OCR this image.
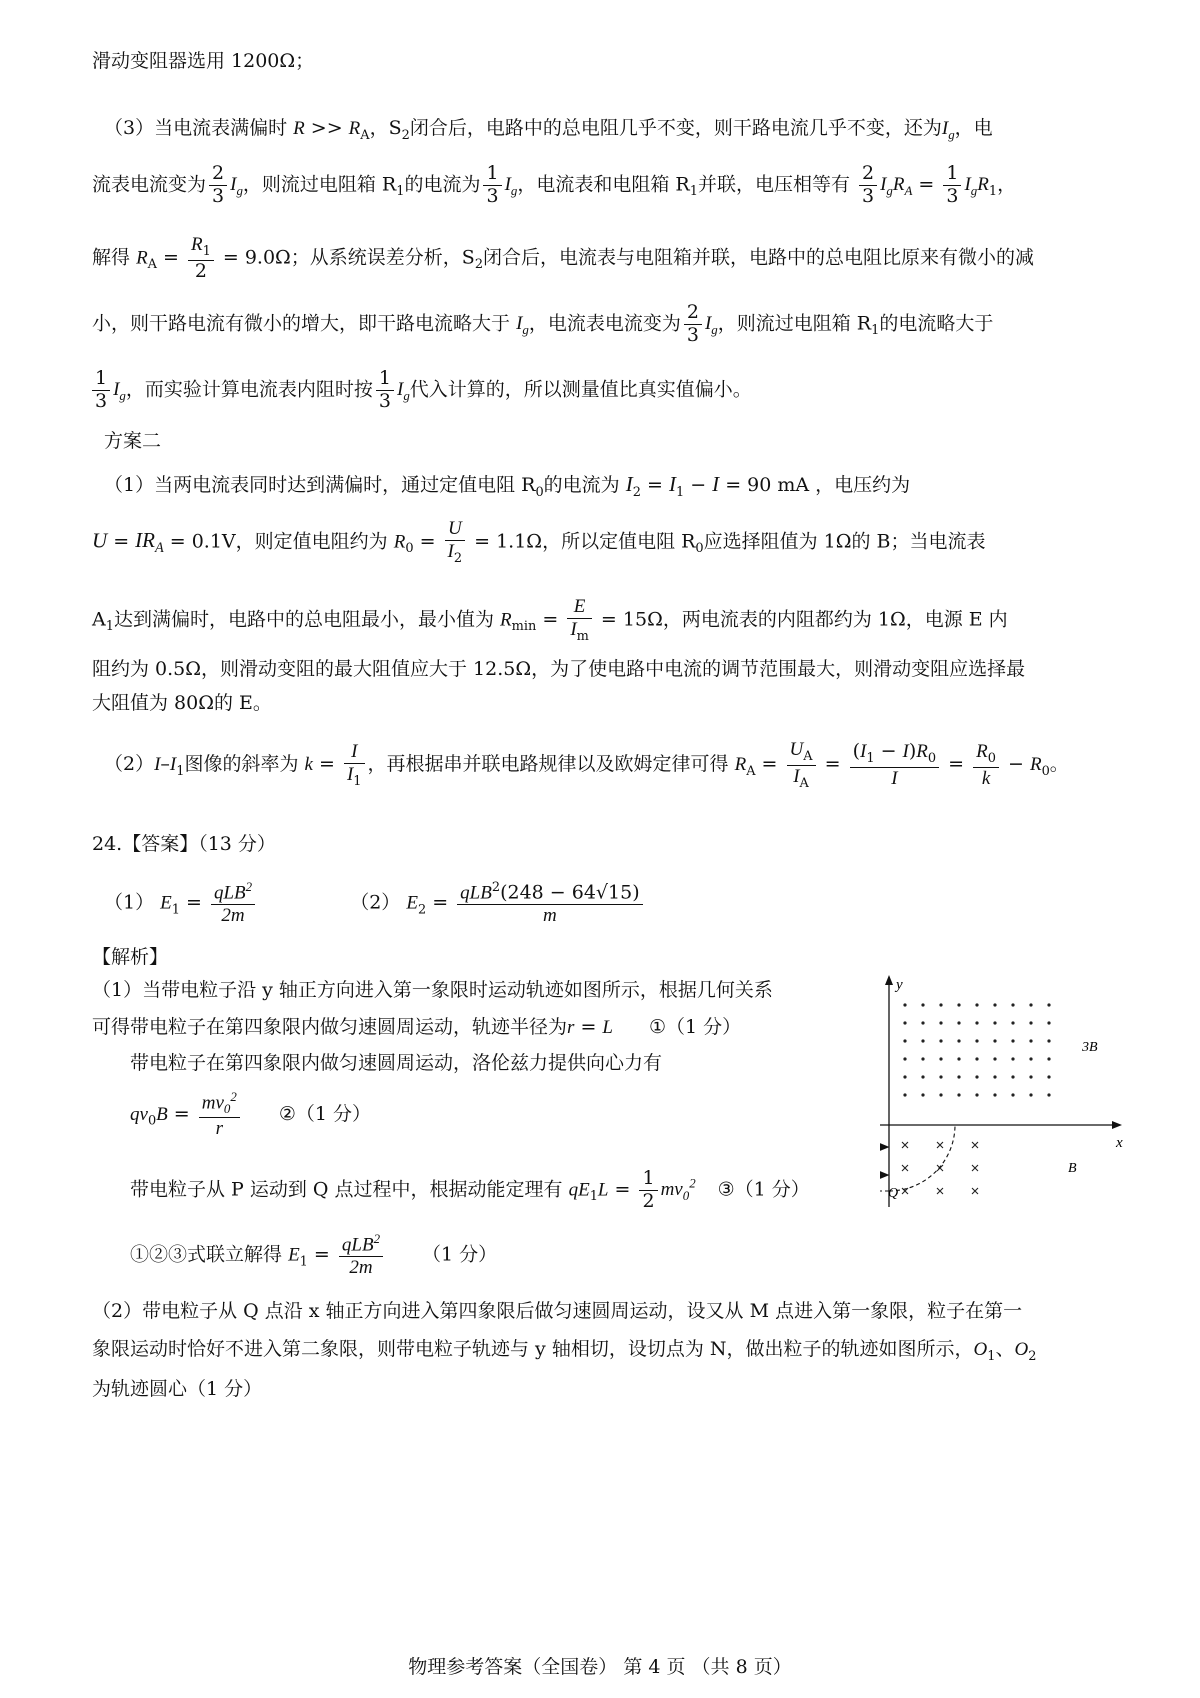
滑动变阻器选用 1200Ω；
（3）当电流表满偏时 $R >> R_A$，$S_2$闭合后，电路中的总电阻几乎不变，则干路电流几乎不变，还为$I_g$，电
流表电流变为 $\frac{2}{3} I_g$，则流过电阻箱 $R_1$的电流为 $\frac{1}{3} I_g$，电流表和电阻箱 $R_1$并联，电压相等有 $\frac{2}{3} I_gR_A = \frac{1}{3} I_gR_1$，
解得 $R_A = \frac{R_1}{2} = 9.0\Omega$；从系统误差分析，$S_2$闭合后，电流表与电阻箱并联，电路中的总电阻比原来有微小的减
小，则干路电流有微小的增大，即干路电流略大于 $I_g$，电流表电流变为 $\frac{2}{3} I_g$，则流过电阻箱 $R_1$的电流略大于
$\frac{1}{3} I_g$，而实验计算电流表内阻时按 $\frac{1}{3} I_g$代入计算的，所以测量值比真实值偏小。
方案二
（1）当两电流表同时达到满偏时，通过定值电阻 $R_0$的电流为 $I_2 = I_1 - I = 90$ mA ，电压约为
$U = IR_A = 0.1V$，则定值电阻约为 $R_0 = \frac{U}{I_2} = 1.1\Omega$，所以定值电阻 $R_0$应选择阻值为 1Ω的 B；当电流表
$A_1$达到满偏时，电路中的总电阻最小，最小值为 $R_{min} = \frac{E}{I_m} = 15\Omega$，两电流表的内阻都约为 1Ω，电源 E 内
阻约为 0.5Ω，则滑动变阻的最大阻值应大于 12.5Ω，为了使电路中电流的调节范围最大，则滑动变阻应选择最
大阻值为 80Ω的 E。
$(2)I-I_1$图像的斜率为 $k = \frac{I}{I_1}$ ，再根据串并联电路规律以及欧姆定律可得 $R_A = \frac{U_A}{I_A} = \frac{(I_1 - I)R_0}{I} = \frac{R_0}{k} - R_0$。
24.【答案】（13 分）
（1） $E_1 = \frac{qLB^2}{2m}$	（2） $E_2 = \frac{qLB^2(248 - 64√15)}{m}$
【解析】
（1）当带电粒子沿 y 轴正方向进入第一象限时运动轨迹如图所示，根据几何关系
可得带电粒子在第四象限内做匀速圆周运动，轨迹半径为r = L ①（1 分）
带电粒子在第四象限内做匀速圆周运动，洛伦兹力提供向心力有
$qv_0B = \frac{mv_0^2}{r}$ ②（1 分）
带电粒子从 P 运动到 Q 点过程中，根据动能定理有 $qE_1L = \frac{1}{2} mv_0^2$ ③（1 分）
①②③式联立解得 $E_1 = \frac{qLB^2}{2m} (1$ 分）
（2）带电粒子从 Q 点沿 x 轴正方向进入第四象限后做匀速圆周运动，设又从 M 点进入第一象限，粒子在第一
象限运动时恰好不进入第二象限，则带电粒子轨迹与 y 轴相切，设切点为 N，做出粒子的轨迹如图所示，$O_1$、$O_2$
为轨迹圆心（1 分）
y
x
3B
B
Q
物理参考答案（全国卷） 第 4 页 （共 8 页）
